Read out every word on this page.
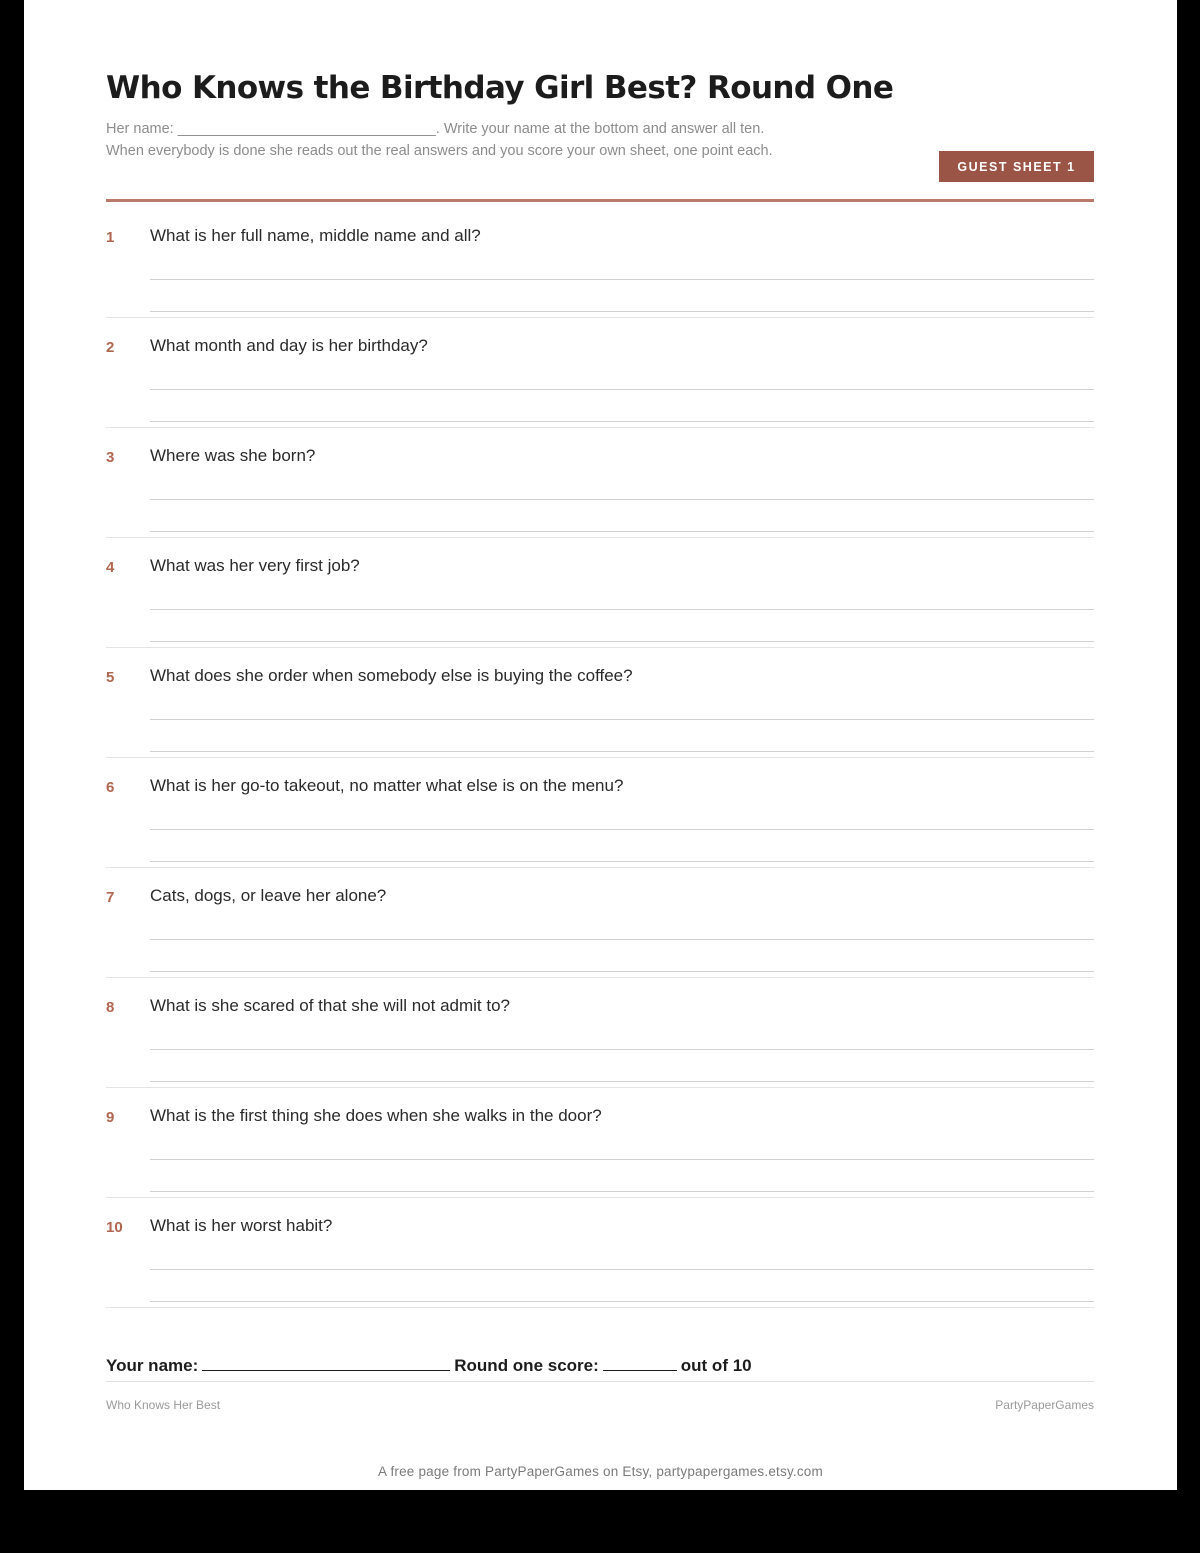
Who Knows the Birthday Girl Best? Round One

Her name: ________________________________. Write your name at the bottom and answer all ten. When everybody is done she reads out the real answers and you score your own sheet, one point each.

GUEST SHEET 1
1	What is her full name, middle name and all?
2	What month and day is her birthday?
3	Where was she born?
4	What was her very first job?
5	What does she order when somebody else is buying the coffee?
6	What is her go-to takeout, no matter what else is on the menu?
7	Cats, dogs, or leave her alone?
8	What is she scared of that she will not admit to?
9	What is the first thing she does when she walks in the door?
10	What is her worst habit?
Your name:	Round one score:	out of 10
Who Knows Her Best	PartyPaperGames
A free page from PartyPaperGames on Etsy, partypapergames.etsy.com
